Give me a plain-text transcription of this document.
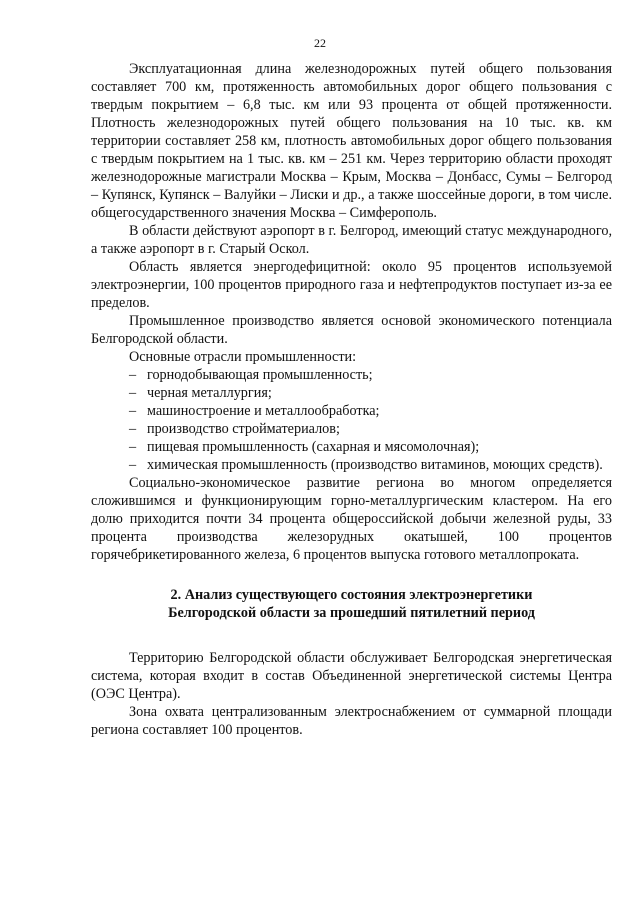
22

Эксплуатационная длина железнодорожных путей общего пользования составляет 700 км, протяженность автомобильных дорог общего пользования с твердым покрытием – 6,8 тыс. км или 93 процента от общей протяженности. Плотность железнодорожных путей общего пользования на 10 тыс. кв. км территории составляет 258 км, плотность автомобильных дорог общего пользования с твердым покрытием на 1 тыс. кв. км – 251 км. Через территорию области проходят железнодорожные магистрали Москва – Крым, Москва – Донбасс, Сумы – Белгород – Купянск, Купянск – Валуйки – Лиски и др., а также шоссейные дороги, в том числе. общегосударственного значения Москва – Симферополь.

В области действуют аэропорт в г. Белгород, имеющий статус международного, а также аэропорт в г. Старый Оскол.

Область является энергодефицитной: около 95 процентов используемой электроэнергии, 100 процентов природного газа и нефтепродуктов поступает из-за ее пределов.

Промышленное производство является основой экономического потенциала Белгородской области.

Основные отрасли промышленности:

– горнодобывающая промышленность;
– черная металлургия;
– машиностроение и металлообработка;
– производство стройматериалов;
– пищевая промышленность (сахарная и мясомолочная);
– химическая промышленность (производство витаминов, моющих средств).

Социально-экономическое развитие региона во многом определяется сложившимся и функционирующим горно-металлургическим кластером. На его долю приходится почти 34 процента общероссийской добычи железной руды, 33 процента производства железорудных окатышей, 100 процентов горячебрикетированного железа, 6 процентов выпуска готового металлопроката.

2. Анализ существующего состояния электроэнергетики
Белгородской области за прошедший пятилетний период

Территорию Белгородской области обслуживает Белгородская энергетическая система, которая входит в состав Объединенной энергетической системы Центра (ОЭС Центра).

Зона охвата централизованным электроснабжением от суммарной площади региона составляет 100 процентов.
